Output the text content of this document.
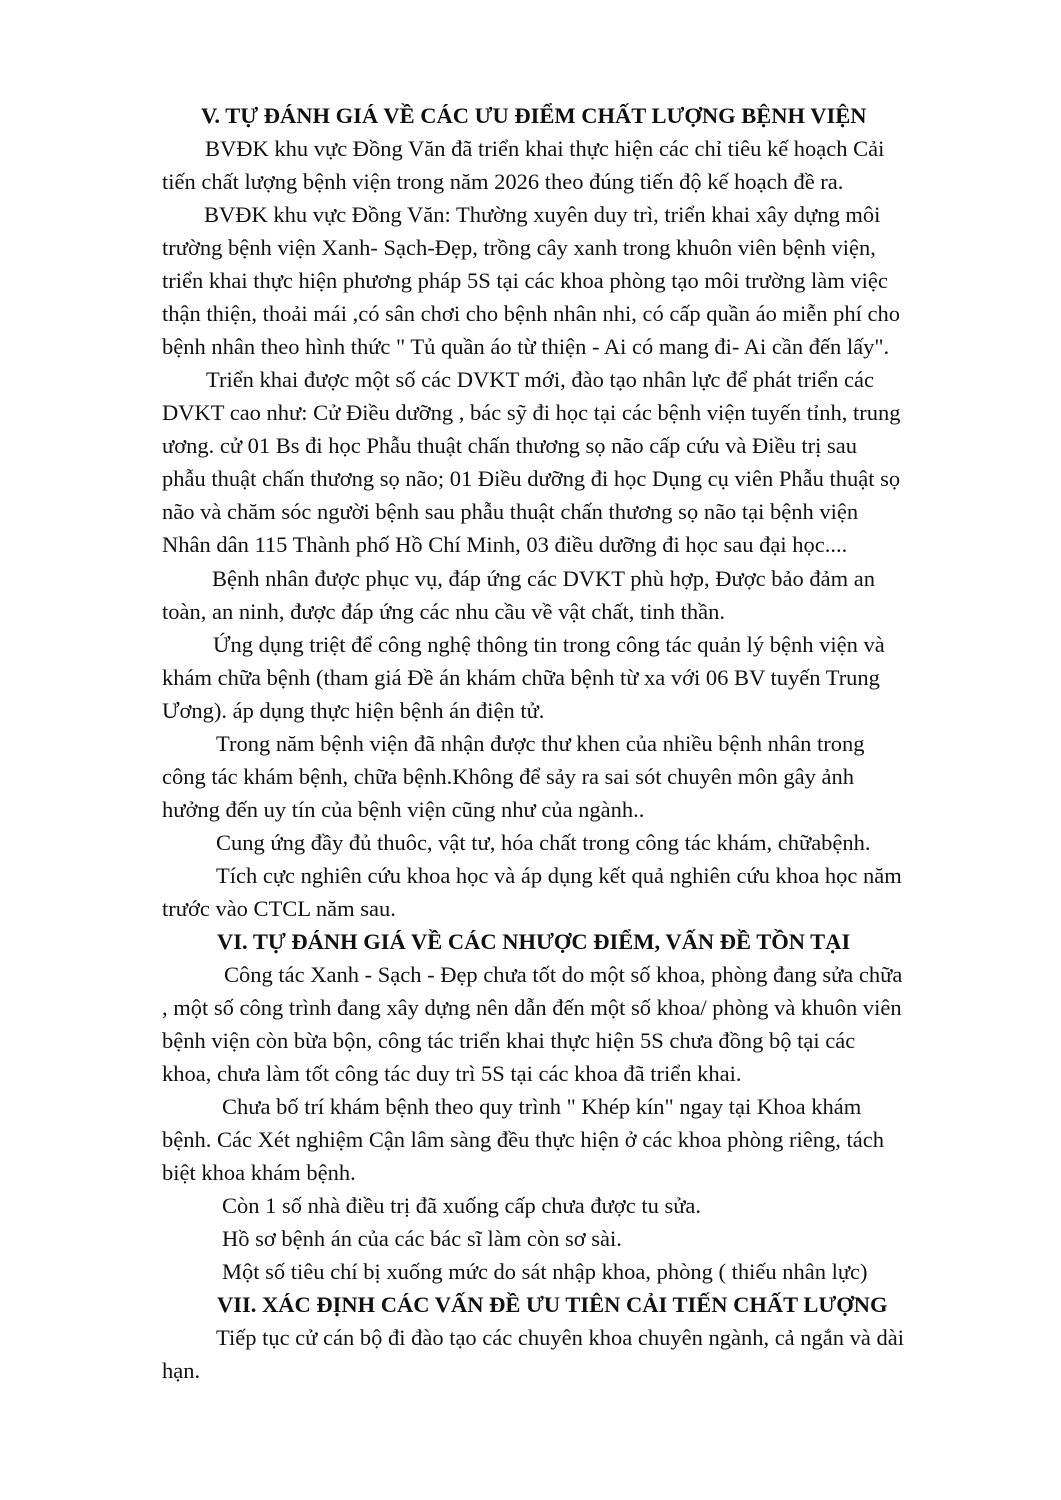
V. TỰ ĐÁNH GIÁ VỀ CÁC ƯU ĐIỂM CHẤT LƯỢNG BỆNH VIỆN
BVĐK khu vực Đồng Văn đã triển khai thực hiện các chỉ tiêu kế hoạch Cải
tiến chất lượng bệnh viện trong năm 2026 theo đúng tiến độ kế hoạch đề ra.
BVĐK khu vực Đồng Văn: Thường xuyên duy trì, triển khai xây dựng môi
trường bệnh viện Xanh- Sạch-Đẹp, trồng cây xanh trong khuôn viên bệnh viện,
triển khai thực hiện phương pháp 5S tại các khoa phòng tạo môi trường làm việc
thận thiện, thoải mái ,có sân chơi cho bệnh nhân nhi, có cấp quần áo miễn phí cho
bệnh nhân theo hình thức " Tủ quần áo từ thiện - Ai có mang đi- Ai cần đến lấy".
Triển khai được một số các DVKT mới, đào tạo nhân lực để phát triển các
DVKT cao như: Cử Điều dưỡng , bác sỹ đi học tại các bệnh viện tuyến tỉnh, trung
ương. cử 01 Bs đi học Phẫu thuật chấn thương sọ não cấp cứu và Điều trị sau
phẫu thuật chấn thương sọ não; 01 Điều dưỡng đi học Dụng cụ viên Phẫu thuật sọ
não và chăm sóc người bệnh sau phẫu thuật chấn thương sọ não tại bệnh viện
Nhân dân 115 Thành phố Hồ Chí Minh, 03 điều dưỡng đi học sau đại học....
Bệnh nhân được phục vụ, đáp ứng các DVKT phù hợp, Được bảo đảm an
toàn, an ninh, được đáp ứng các nhu cầu về vật chất, tinh thần.
Ứng dụng triệt để công nghệ thông tin trong công tác quản lý bệnh viện và
khám chữa bệnh (tham giá Đề án khám chữa bệnh từ xa với 06 BV tuyến Trung
Ương). áp dụng thực hiện bệnh án điện tử.
Trong năm bệnh viện đã nhận được thư khen của nhiều bệnh nhân trong
công tác khám bệnh, chữa bệnh.Không để sảy ra sai sót chuyên môn gây ảnh
hưởng đến uy tín của bệnh viện cũng như của ngành..
Cung ứng đầy đủ thuôc, vật tư, hóa chất trong công tác khám, chữabệnh.
Tích cực nghiên cứu khoa học và áp dụng kết quả nghiên cứu khoa học năm
trước vào CTCL năm sau.
VI. TỰ ĐÁNH GIÁ VỀ CÁC NHƯỢC ĐIỂM, VẤN ĐỀ TỒN TẠI
Công tác Xanh - Sạch - Đẹp chưa tốt do một số khoa, phòng đang sửa chữa
, một số công trình đang xây dựng nên dẫn đến một số khoa/ phòng và khuôn viên
bệnh viện còn bừa bộn, công tác triển khai thực hiện 5S chưa đồng bộ tại các
khoa, chưa làm tốt công tác duy trì 5S tại các khoa đã triển khai.
Chưa bố trí khám bệnh theo quy trình " Khép kín" ngay tại Khoa khám
bệnh. Các Xét nghiệm Cận lâm sàng đều thực hiện ở các khoa phòng riêng, tách
biệt khoa khám bệnh.
Còn 1 số nhà điều trị đã xuống cấp chưa được tu sửa.
Hồ sơ bệnh án của các bác sĩ làm còn sơ sài.
Một số tiêu chí bị xuống mức do sát nhập khoa, phòng ( thiếu nhân lực)
VII. XÁC ĐỊNH CÁC VẤN ĐỀ ƯU TIÊN CẢI TIẾN CHẤT LƯỢNG
Tiếp tục cử cán bộ đi đào tạo các chuyên khoa chuyên ngành, cả ngắn và dài
hạn.
